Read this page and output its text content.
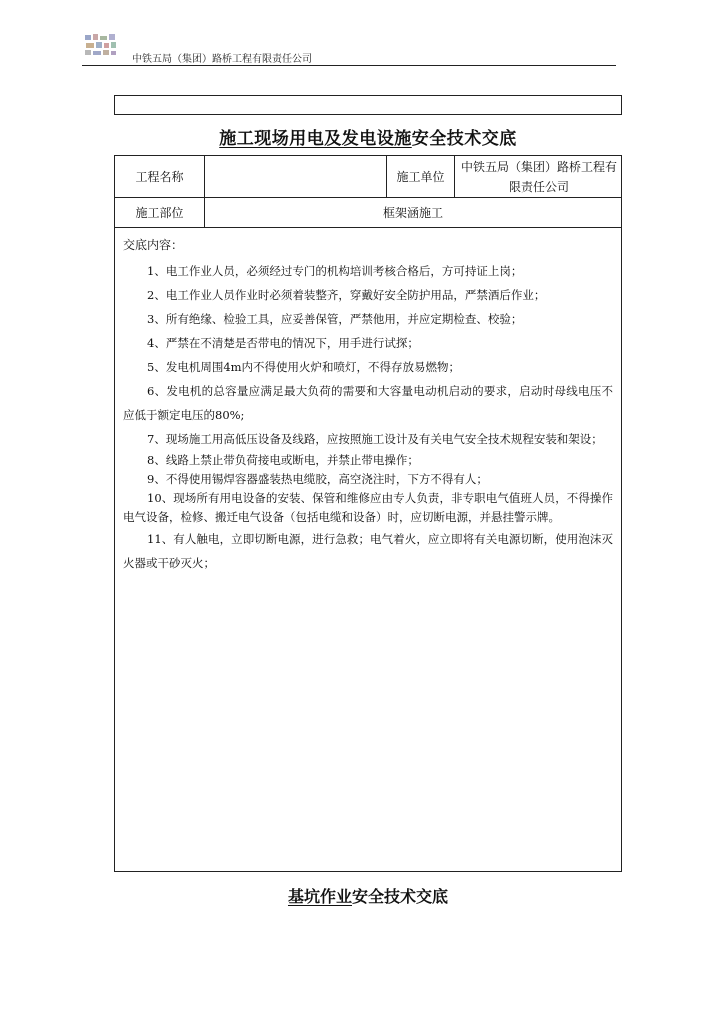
中铁五局（集团）路桥工程有限责任公司
施工现场用电及发电设施安全技术交底
工程名称	施工单位
中铁五局（集团）路桥工程有限责任公司
施工部位	框架涵施工
交底内容：

1、电工作业人员，必须经过专门的机构培训考核合格后，方可持证上岗；

2、电工作业人员作业时必须着装整齐，穿戴好安全防护用品，严禁酒后作业；

3、所有绝缘、检验工具，应妥善保管，严禁他用，并应定期检查、校验；

4、严禁在不清楚是否带电的情况下，用手进行试探；

5、发电机周围4m内不得使用火炉和喷灯，不得存放易燃物；

6、发电机的总容量应满足最大负荷的需要和大容量电动机启动的要求，启动时母线电压不应低于额定电压的80%;

7、现场施工用高低压设备及线路，应按照施工设计及有关电气安全技术规程安装和架设；

8、线路上禁止带负荷接电或断电，并禁止带电操作；

9、不得使用锡焊容器盛装热电缆胶，高空浇注时，下方不得有人；

10、现场所有用电设备的安装、保管和维修应由专人负责，非专职电气值班人员，不得操作电气设备，检修、搬迁电气设备（包括电缆和设备）时，应切断电源，并悬挂警示牌。

11、有人触电，立即切断电源，进行急救；电气着火，应立即将有关电源切断，使用泡沫灭火器或干砂灭火；

基坑作业安全技术交底
